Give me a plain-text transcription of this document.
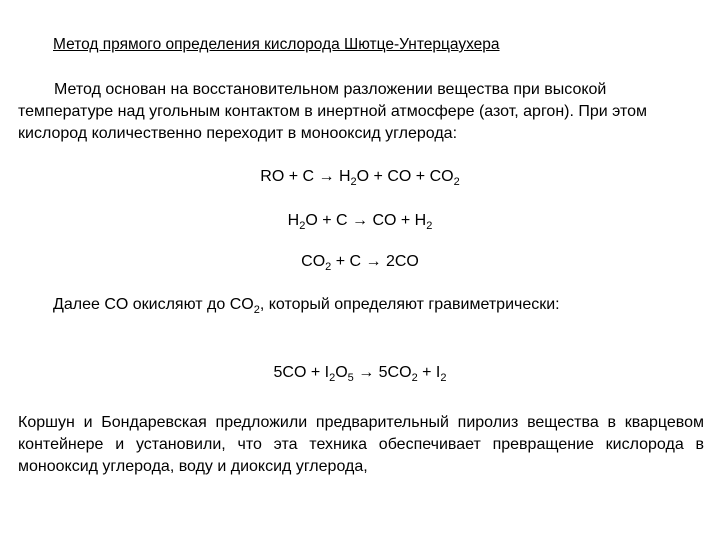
Метод прямого определения кислорода Шютце-Унтерцаухера
Метод основан на восстановительном разложении вещества при высокой температуре над угольным контактом в инертной атмосфере (азот, аргон). При этом кислород количественно переходит в монооксид углерода:
RO + $C \to H_2O$ + CO + $CO_2$
$H_2O + C$ → CO + $H_2$
$CO_2 + C \to 2CO$
Далее CO окисляют до $CO_2$, который определяют гравиметрически:
$5CO + I_2O_5 \to 5CO_2 + I_2$
Коршун и Бондаревская предложили предварительный пиролиз вещества в кварцевом контейнере и установили, что эта техника обеспечивает превращение кислорода в монооксид углерода, воду и диоксид углерода,
